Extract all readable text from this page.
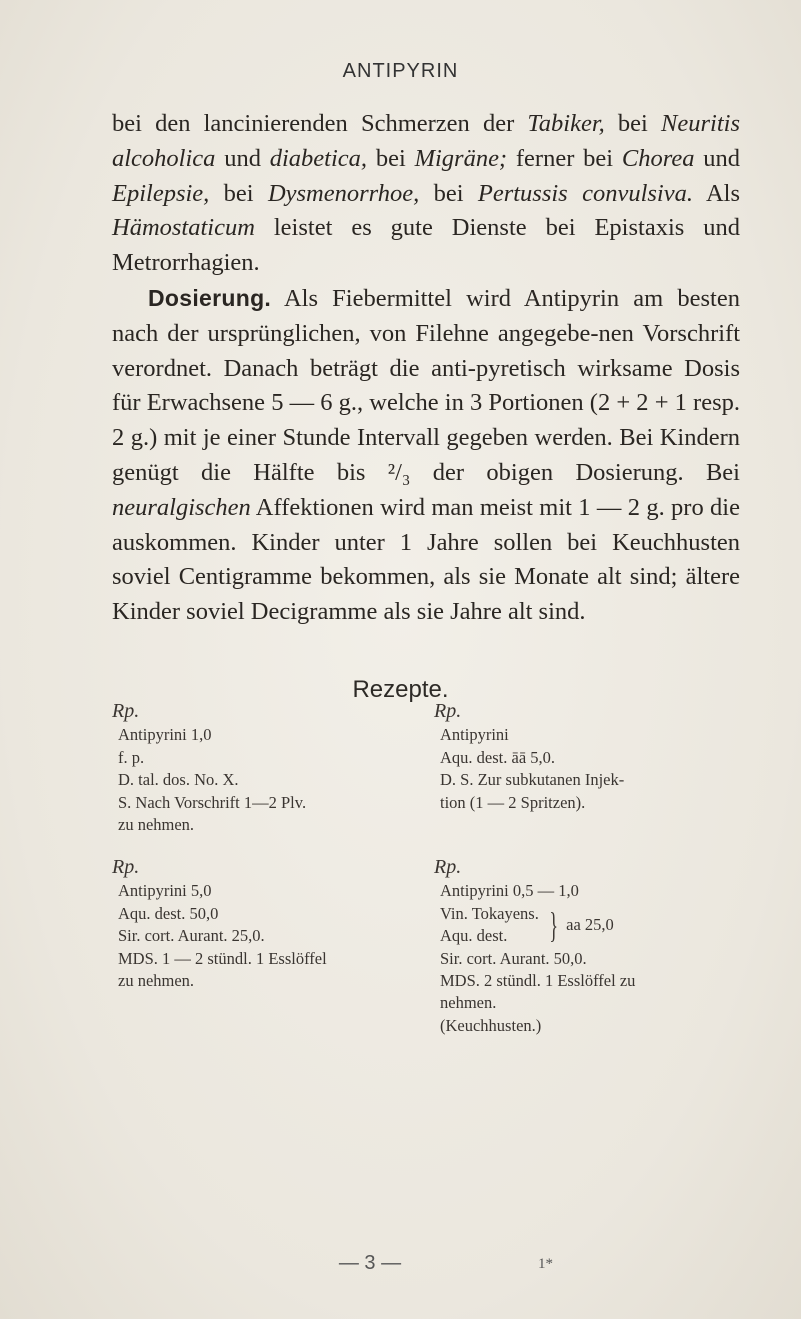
ANTIPYRIN

bei den lancinierenden Schmerzen der Tabiker, bei Neuritis alcoholica und diabetica, bei Migräne; ferner bei Chorea und Epilepsie, bei Dysmenorrhoe, bei Pertussis convulsiva. Als Hämostaticum leistet es gute Dienste bei Epistaxis und Metrorrhagien.

Dosierung. Als Fiebermittel wird Antipyrin am besten nach der ursprünglichen, von Filehne angegebe-nen Vorschrift verordnet. Danach beträgt die anti-pyretisch wirksame Dosis für Erwachsene 5 — 6 g., welche in 3 Portionen (2 + 2 + 1 resp. 2 g.) mit je einer Stunde Intervall gegeben werden. Bei Kindern genügt die Hälfte bis ²/₃ der obigen Dosierung. Bei neuralgischen Affektionen wird man meist mit 1 — 2 g. pro die auskommen. Kinder unter 1 Jahre sollen bei Keuchhusten soviel Centigramme bekommen, als sie Monate alt sind; ältere Kinder soviel Decigramme als sie Jahre alt sind.

Rezepte.
Rp.
Antipyrini 1,0
f. p.
D. tal. dos. No. X.
S. Nach Vorschrift 1—2 Plv.
zu nehmen.
Rp.
Antipyrini
Aqu. dest. āā 5,0.
D. S. Zur subkutanen Injek-
tion (1 — 2 Spritzen).
Rp.
Antipyrini 5,0
Aqu. dest. 50,0
Sir. cort. Aurant. 25,0.
MDS. 1 — 2 stündl. 1 Esslöffel
zu nehmen.
Rp.
Antipyrini 0,5 — 1,0
Vin. Tokayens.
Aqu. dest.	} aa 25,0
Sir. cort. Aurant. 50,0.
MDS. 2 stündl. 1 Esslöffel zu
nehmen.
(Keuchhusten.)
— 3 —	1*
